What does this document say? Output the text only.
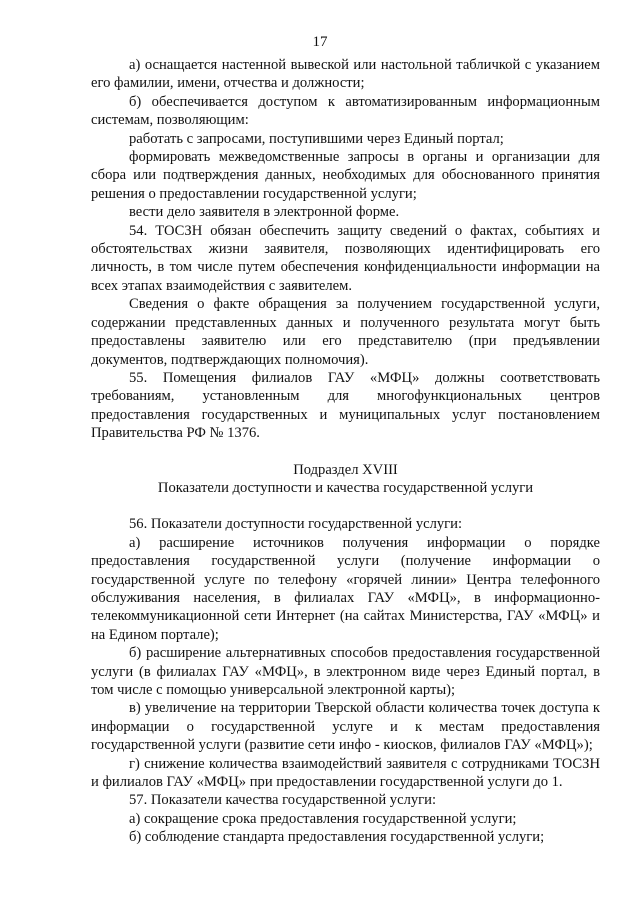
17

а) оснащается настенной вывеской или настольной табличкой с указанием его фамилии, имени, отчества и должности;

б) обеспечивается доступом к автоматизированным информационным системам, позволяющим:

работать с запросами, поступившими через Единый портал;

формировать межведомственные запросы в органы и организации для сбора или подтверждения данных, необходимых для обоснованного принятия решения о предоставлении государственной услуги;

вести дело заявителя в электронной форме.

54. ТОСЗН обязан обеспечить защиту сведений о фактах, событиях и обстоятельствах жизни заявителя, позволяющих идентифицировать его личность, в том числе путем обеспечения конфиденциальности информации на всех этапах взаимодействия с заявителем.

Сведения о факте обращения за получением государственной услуги, содержании представленных данных и полученного результата могут быть предоставлены заявителю или его представителю (при предъявлении документов, подтверждающих полномочия).

55. Помещения филиалов ГАУ «МФЦ» должны соответствовать требованиям, установленным для многофункциональных центров предоставления государственных и муниципальных услуг постановлением Правительства РФ № 1376.

Подраздел XVIII

Показатели доступности и качества государственной услуги

56. Показатели доступности государственной услуги:

а) расширение источников получения информации о порядке предоставления государственной услуги (получение информации о государственной услуге по телефону «горячей линии» Центра телефонного обслуживания населения, в филиалах ГАУ «МФЦ», в информационно-телекоммуникационной сети Интернет (на сайтах Министерства, ГАУ «МФЦ» и на Едином портале);

б) расширение альтернативных способов предоставления государственной услуги (в филиалах ГАУ «МФЦ», в электронном виде через Единый портал, в том числе с помощью универсальной электронной карты);

в) увеличение на территории Тверской области количества точек доступа к информации о государственной услуге и к местам предоставления государственной услуги (развитие сети инфо - киосков, филиалов ГАУ «МФЦ»);

г) снижение количества взаимодействий заявителя с сотрудниками ТОСЗН и филиалов ГАУ «МФЦ» при предоставлении государственной услуги до 1.

57. Показатели качества государственной услуги:

а) сокращение срока предоставления государственной услуги;

б) соблюдение стандарта предоставления государственной услуги;
